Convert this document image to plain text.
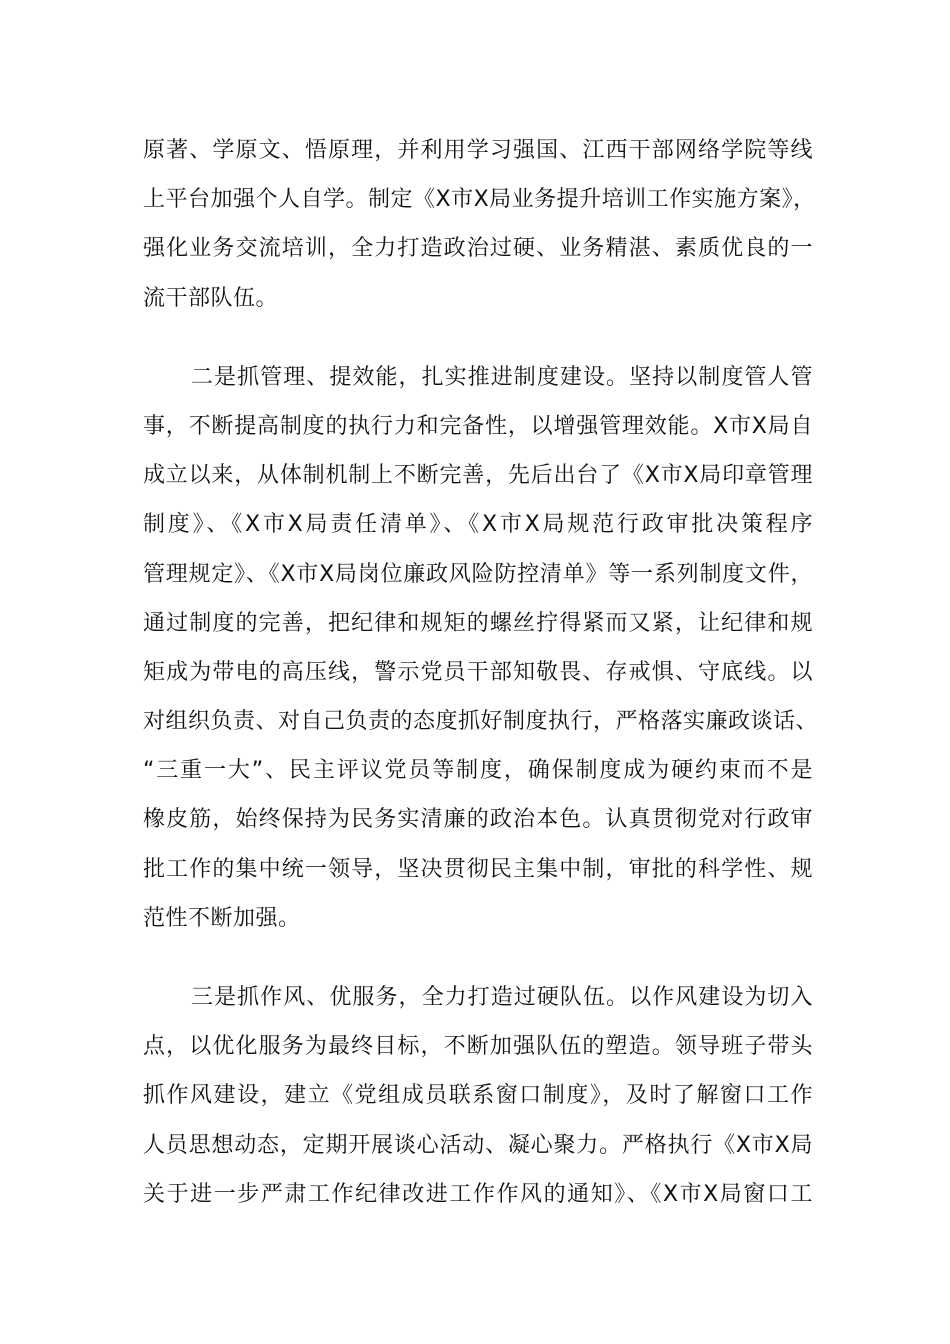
原著、学原文、悟原理，并利用学习强国、江西干部网络学院等线
上平台加强个人自学。制定《X市X局业务提升培训工作实施方案》，
强化业务交流培训，全力打造政治过硬、业务精湛、素质优良的一
流干部队伍。
二是抓管理、提效能，扎实推进制度建设。坚持以制度管人管
事，不断提高制度的执行力和完备性，以增强管理效能。X市X局自
成立以来，从体制机制上不断完善，先后出台了《X市X局印章管理
制度》、《X市X局责任清单》、《X市X局规范行政审批决策程序
管理规定》、《X市X局岗位廉政风险防控清单》等一系列制度文件，
通过制度的完善，把纪律和规矩的螺丝拧得紧而又紧，让纪律和规
矩成为带电的高压线，警示党员干部知敬畏、存戒惧、守底线。以
对组织负责、对自己负责的态度抓好制度执行，严格落实廉政谈话、
“三重一大”、民主评议党员等制度，确保制度成为硬约束而不是
橡皮筋，始终保持为民务实清廉的政治本色。认真贯彻党对行政审
批工作的集中统一领导，坚决贯彻民主集中制，审批的科学性、规
范性不断加强。
三是抓作风、优服务，全力打造过硬队伍。以作风建设为切入
点，以优化服务为最终目标，不断加强队伍的塑造。领导班子带头
抓作风建设，建立《党组成员联系窗口制度》，及时了解窗口工作
人员思想动态，定期开展谈心活动、凝心聚力。严格执行《X市X局
关于进一步严肃工作纪律改进工作作风的通知》、《X市X局窗口工
